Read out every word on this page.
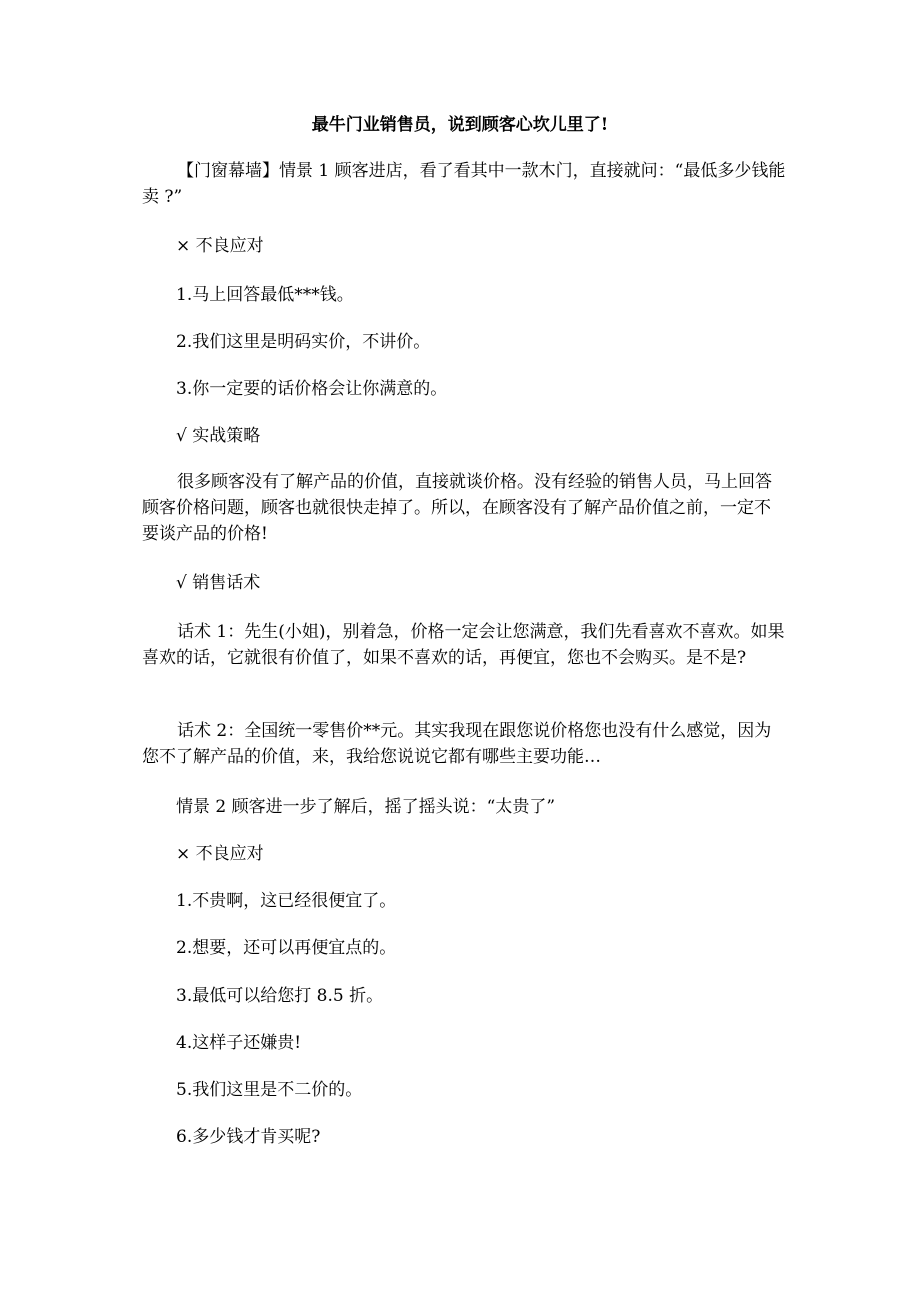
最牛门业销售员，说到顾客心坎儿里了!

【门窗幕墙】情景 1 顾客进店，看了看其中一款木门，直接就问：“最低多少钱能卖 ?”

× 不良应对

1.马上回答最低***钱。

2.我们这里是明码实价，不讲价。

3.你一定要的话价格会让你满意的。

√ 实战策略

很多顾客没有了解产品的价值，直接就谈价格。没有经验的销售人员，马上回答顾客价格问题，顾客也就很快走掉了。所以，在顾客没有了解产品价值之前，一定不要谈产品的价格!

√ 销售话术

话术 1：先生(小姐)，别着急，价格一定会让您满意，我们先看喜欢不喜欢。如果喜欢的话，它就很有价值了，如果不喜欢的话，再便宜，您也不会购买。是不是?

话术 2：全国统一零售价**元。其实我现在跟您说价格您也没有什么感觉，因为您不了解产品的价值，来，我给您说说它都有哪些主要功能…

情景 2 顾客进一步了解后，摇了摇头说：“太贵了”

× 不良应对

1.不贵啊，这已经很便宜了。

2.想要，还可以再便宜点的。

3.最低可以给您打 8.5 折。

4.这样子还嫌贵!

5.我们这里是不二价的。

6.多少钱才肯买呢?
